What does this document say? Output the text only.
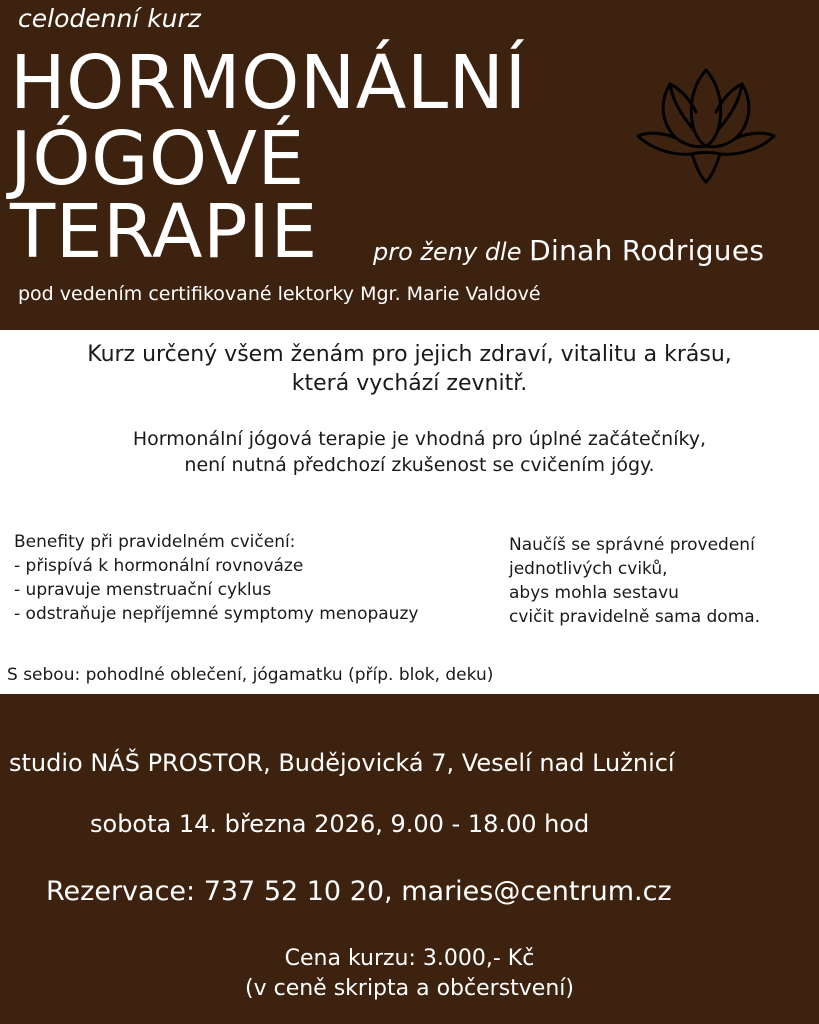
celodenní kurz
HORMONÁLNÍ
JÓGOVÉ
TERAPIE pro ženy dle Dinah Rodrigues
pod vedením certifikované lektorky Mgr. Marie Valdové
Kurz určený všem ženám pro jejich zdraví, vitalitu a krásu,
která vychází zevnitř.
Hormonální jógová terapie je vhodná pro úplné začátečníky,
není nutná předchozí zkušenost se cvičením jógy.
Benefity při pravidelném cvičení:
- přispívá k hormonální rovnováze
- upravuje menstruační cyklus
- odstraňuje nepříjemné symptomy menopauzy
Naučíš se správné provedení
jednotlivých cviků,
abys mohla sestavu
cvičit pravidelně sama doma.
S sebou: pohodlné oblečení, jógamatku (příp. blok, deku)
studio NÁŠ PROSTOR, Budějovická 7, Veselí nad Lužnicí
sobota 14. března 2026, 9.00 - 18.00 hod
Rezervace: 737 52 10 20, maries@centrum.cz
Cena kurzu: 3.000,- Kč
(v ceně skripta a občerstvení)
